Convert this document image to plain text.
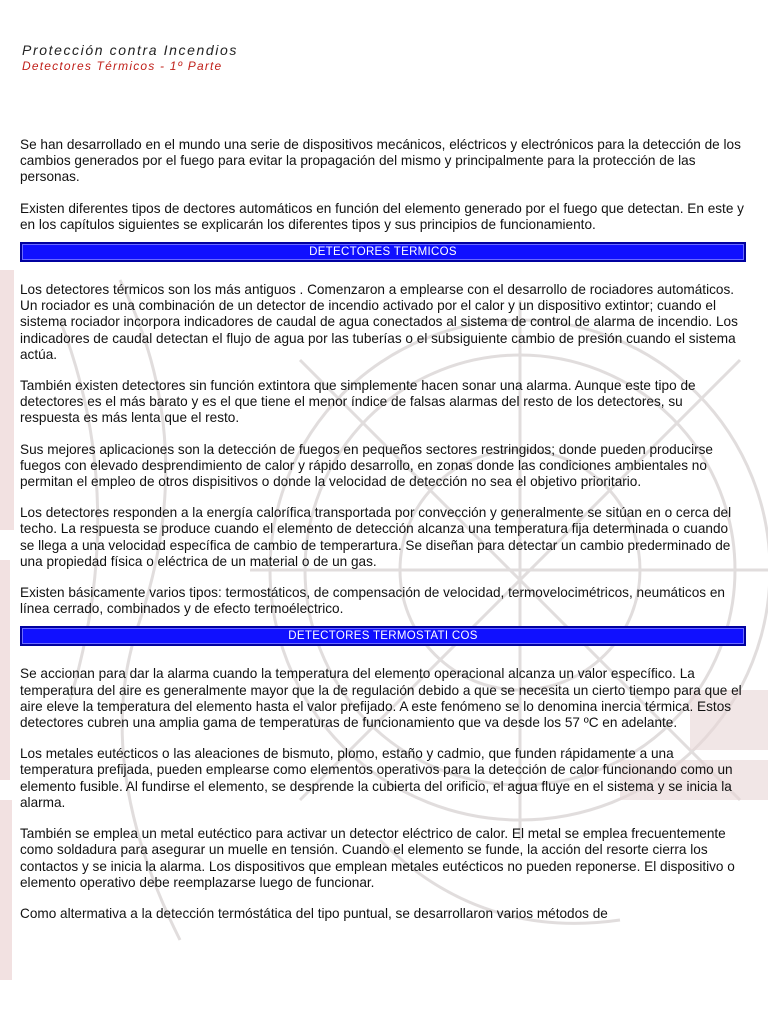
Protección contra Incendios

Detectores Térmicos - 1º Parte

Se han desarrollado en el mundo una serie de dispositivos mecánicos, eléctricos y electrónicos para la detección de los cambios generados por el fuego para evitar la propagación del mismo y principalmente para la protección de las personas.

Existen diferentes tipos de dectores automáticos en función del elemento generado por el fuego que detectan. En este y en los capítulos siguientes se explicarán los diferentes tipos y sus principios de funcionamiento.

DETECTORES TERMICOS

Los detectores térmicos son los más antiguos . Comenzaron a emplearse con el desarrollo de rociadores automáticos. Un rociador es una combinación de un detector de incendio activado por el calor y un dispositivo extintor; cuando el sistema rociador incorpora indicadores de caudal de agua conectados al sistema de control de alarma de incendio. Los indicadores de caudal detectan el flujo de agua por las tuberías o el subsiguiente cambio de presión cuando el sistema actúa.

También existen detectores sin función extintora que simplemente hacen sonar una alarma. Aunque este tipo de detectores es el más barato y es el que tiene el menor índice de falsas alarmas del resto de los detectores, su respuesta es más lenta que el resto.

Sus mejores aplicaciones son la detección de fuegos en pequeños sectores restringidos; donde pueden producirse fuegos con elevado desprendimiento de calor y rápido desarrollo, en zonas donde las condiciones ambientales no permitan el empleo de otros dispisitivos o donde la velocidad de detección no sea el objetivo prioritario.

Los detectores responden a la energía calorífica transportada por convección y generalmente se sitúan en o cerca del techo. La respuesta se produce cuando el elemento de detección alcanza una temperatura fija determinada o cuando se llega a una velocidad específica de cambio de temperartura. Se diseñan para detectar un cambio prederminado de una propiedad física o eléctrica de un material o de un gas.

Existen básicamente varios tipos: termostáticos, de compensación de velocidad, termovelocimétricos, neumáticos en línea cerrado, combinados y de efecto termoélectrico.

DETECTORES TERMOSTATI COS

Se accionan para dar la alarma cuando la temperatura del elemento operacional alcanza un valor específico. La temperatura del aire es generalmente mayor que la de regulación debido a que se necesita un cierto tiempo para que el aire eleve la temperatura del elemento hasta el valor prefijado. A este fenómeno se lo denomina inercia térmica. Estos detectores cubren una amplia gama de temperaturas de funcionamiento que va desde los 57 ºC en adelante.

Los metales eutécticos o las aleaciones de bismuto, plomo, estaño y cadmio, que funden rápidamente a una temperatura prefijada, pueden emplearse como elementos operativos para la detección de calor funcionando como un elemento fusible. Al fundirse el elemento, se desprende la cubierta del orificio, el agua fluye en el sistema y se inicia la alarma.

También se emplea un metal eutéctico para activar un detector eléctrico de calor. El metal se emplea frecuentemente como soldadura para asegurar un muelle en tensión. Cuando el elemento se funde, la acción del resorte cierra los contactos y se inicia la alarma. Los dispositivos que emplean metales eutécticos no pueden reponerse. El dispositivo o elemento operativo debe reemplazarse luego de funcionar.

Como altermativa a la detección termóstática del tipo puntual, se desarrollaron varios métodos de
